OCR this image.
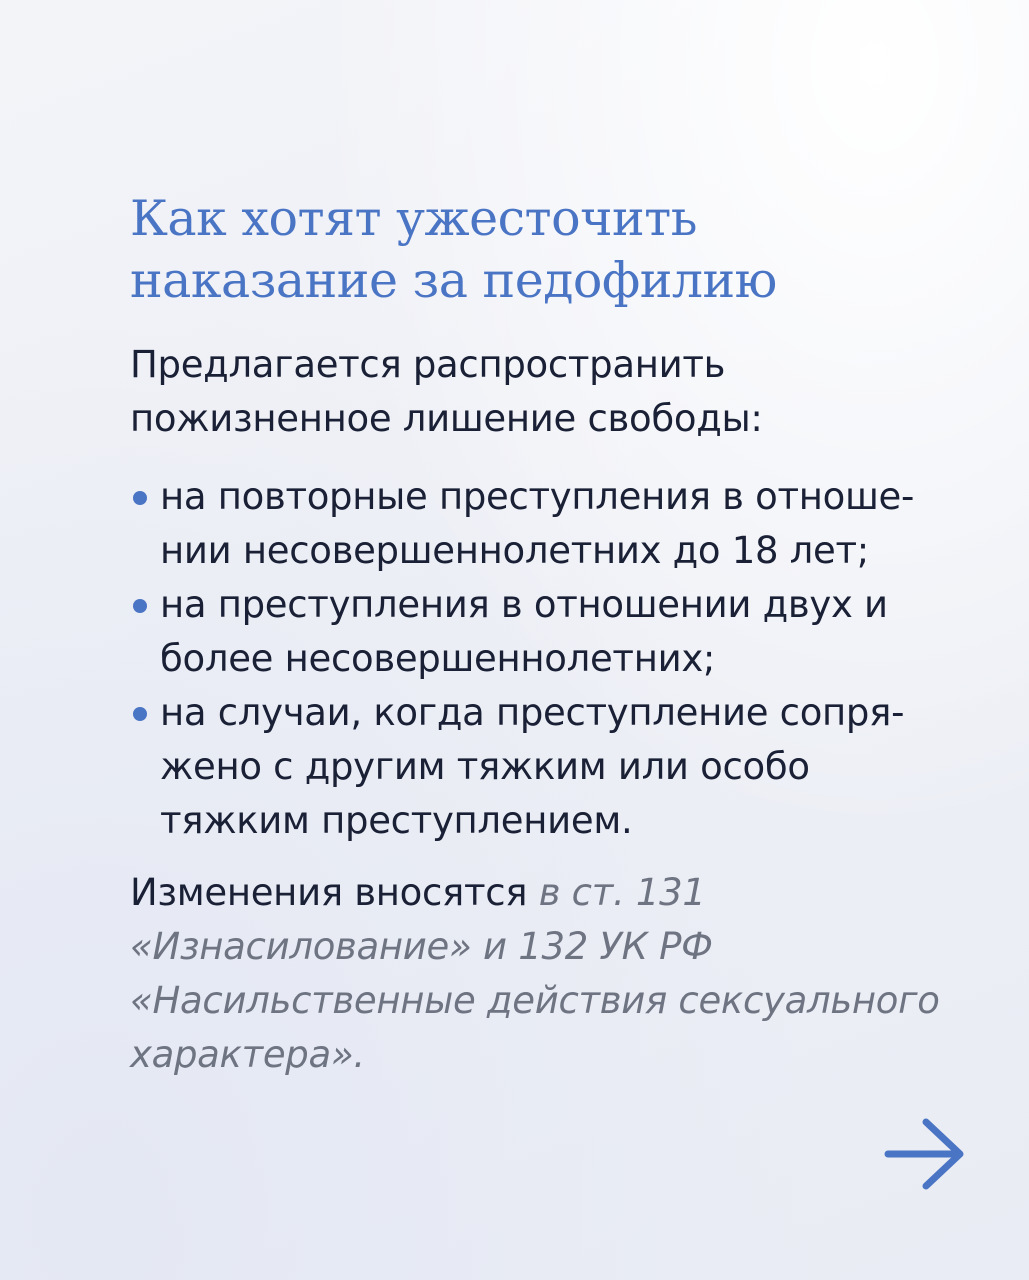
Как хотят ужесточить наказание за педофилию

Предлагается распространить пожизненное лишение свободы:

на повторные преступления в отноше-нии несовершеннолетних до 18 лет;
на преступления в отношении двух и более несовершеннолетних;
на случаи, когда преступление сопря-жено с другим тяжким или особо тяжким преступлением.

Изменения вносятся в ст. 131 «Изнасилование» и 132 УК РФ «Насильственные действия сексуального характера».
